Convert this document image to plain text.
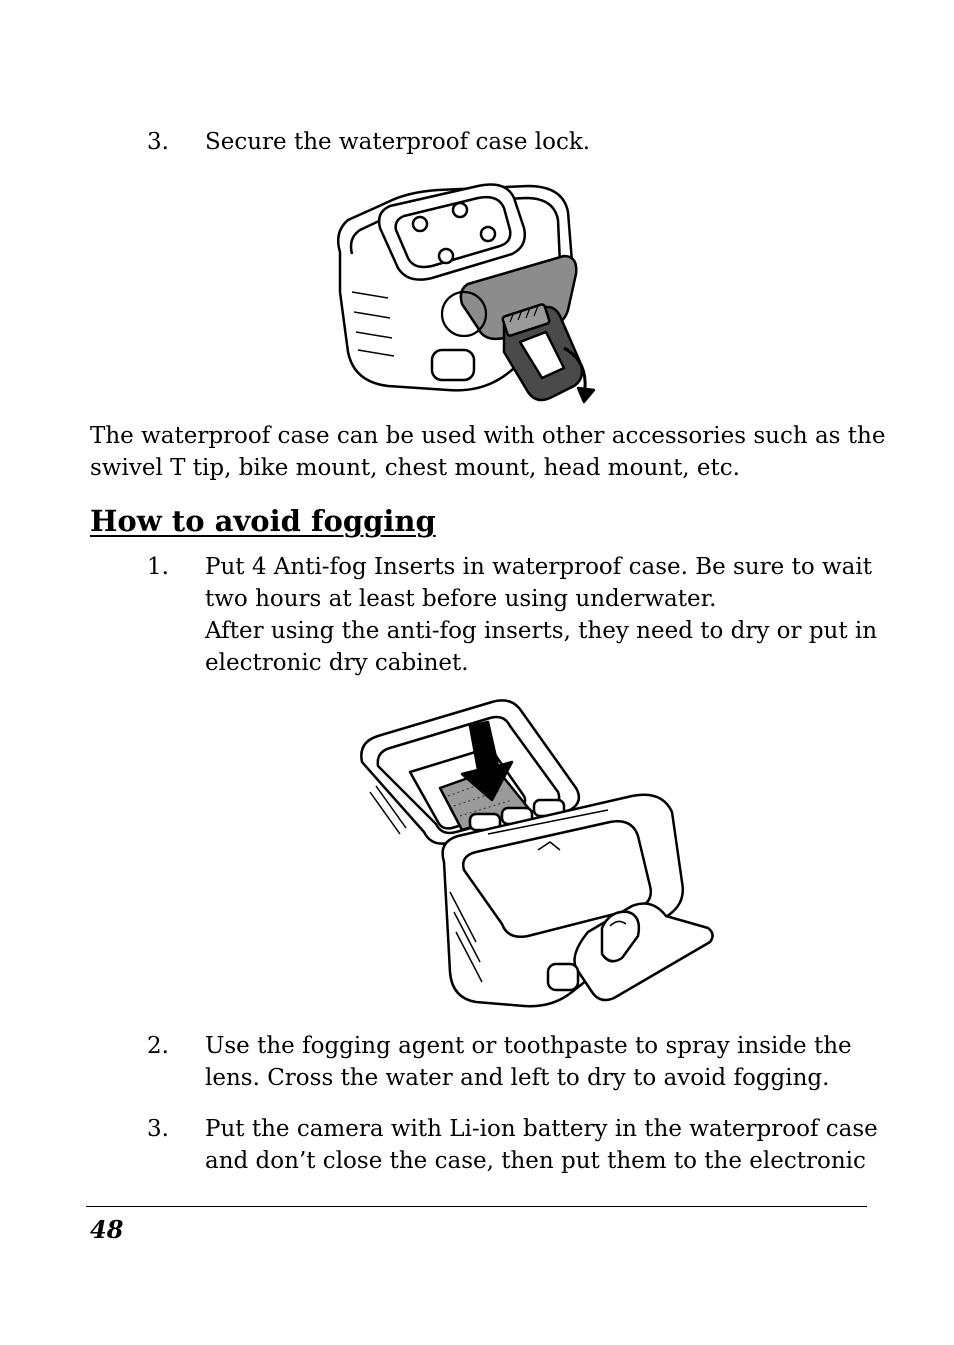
3. Secure the waterproof case lock.
The waterproof case can be used with other accessories such as the
swivel T tip, bike mount, chest mount, head mount, etc.
How to avoid fogging
1. Put 4 Anti-fog Inserts in waterproof case. Be sure to wait
two hours at least before using underwater.
After using the anti-fog inserts, they need to dry or put in
electronic dry cabinet.
2. Use the fogging agent or toothpaste to spray inside the
lens. Cross the water and left to dry to avoid fogging.
3. Put the camera with Li-ion battery in the waterproof case
and don’t close the case, then put them to the electronic
48
